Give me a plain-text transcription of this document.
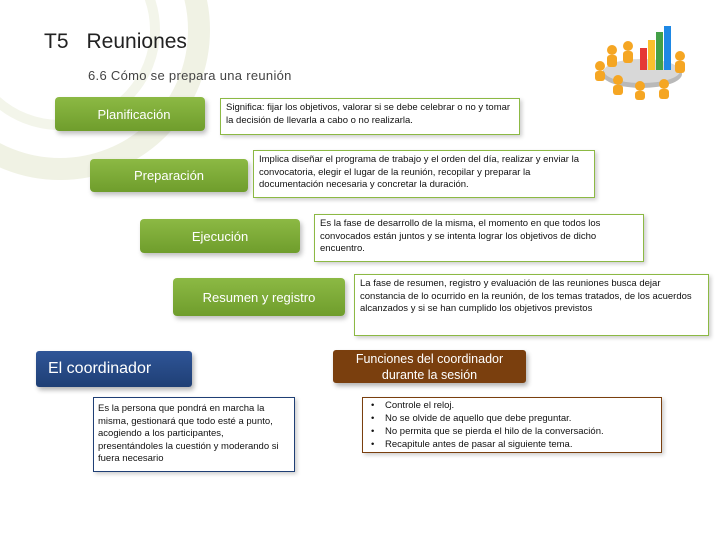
T5 Reuniones
6.6 Cómo se prepara una reunión
Planificación	Significa: fijar los objetivos, valorar si se debe celebrar o no y tomar la decisión de llevarla a cabo o no realizarla.
Preparación
Implica diseñar el programa de trabajo y el orden del día, realizar y enviar la convocatoria, elegir el lugar de la reunión, recopilar y preparar la documentación necesaria y concretar la duración.
Ejecución
Es la fase de desarrollo de la misma, el momento en que todos los convocados están juntos y se intenta lograr los objetivos de dicho encuentro.
Resumen y registro
La fase de resumen, registro y evaluación de las reuniones busca dejar constancia de lo ocurrido en la reunión, de los temas tratados, de los acuerdos alcanzados y si se han cumplido los objetivos previstos
El coordinador
Es la persona que pondrá en marcha la misma, gestionará que todo esté a punto, acogiendo a los participantes, presentándoles la cuestión y moderando si fuera necesario
Funciones del coordinador
durante la sesión
• Controle el reloj.
• No se olvide de aquello que debe preguntar.
• No permita que se pierda el hilo de la conversación.
• Recapitule antes de pasar al siguiente tema.
